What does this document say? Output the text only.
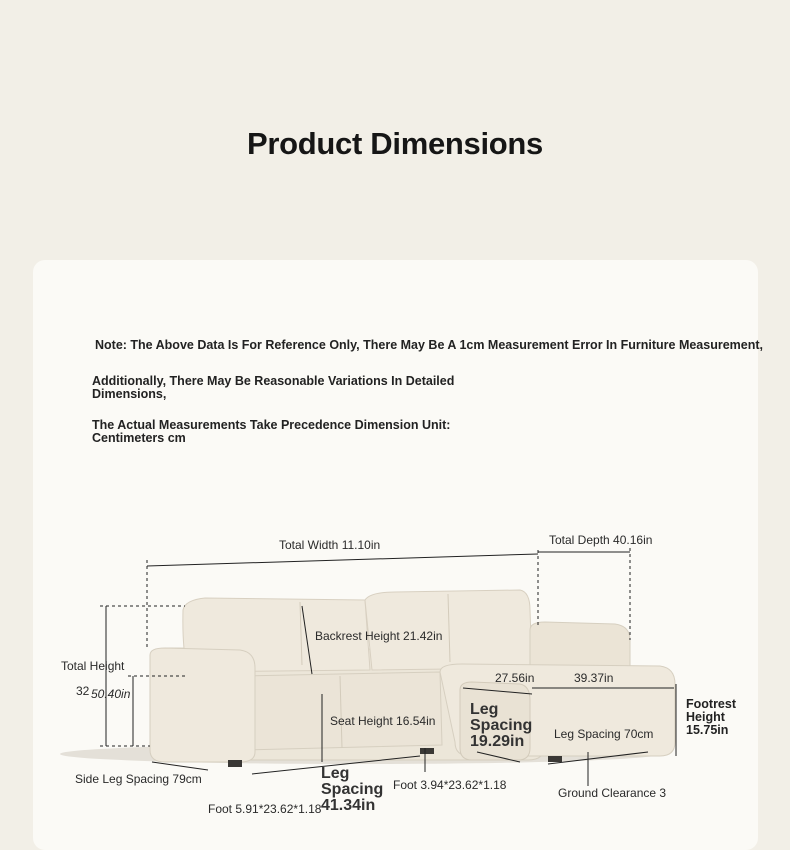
Product Dimensions
Note: The Above Data Is For Reference Only, There May Be A 1cm Measurement Error In Furniture Measurement,
Additionally, There May Be Reasonable Variations In Detailed Dimensions,
The Actual Measurements Take Precedence Dimension Unit: Centimeters cm
Total Width 11.10in	Total Depth 40.16in
Backrest Height 21.42in
Total Height
32 50.40in
Seat Height 16.54in
Leg Spacing 19.29in
27.56in	39.37in
Footrest Height 15.75in
Leg Spacing 70cm
Side Leg Spacing 79cm	Leg Spacing 41.34in
Foot 3.94*23.62*1.18
Ground Clearance 3
Foot 5.91*23.62*1.18
